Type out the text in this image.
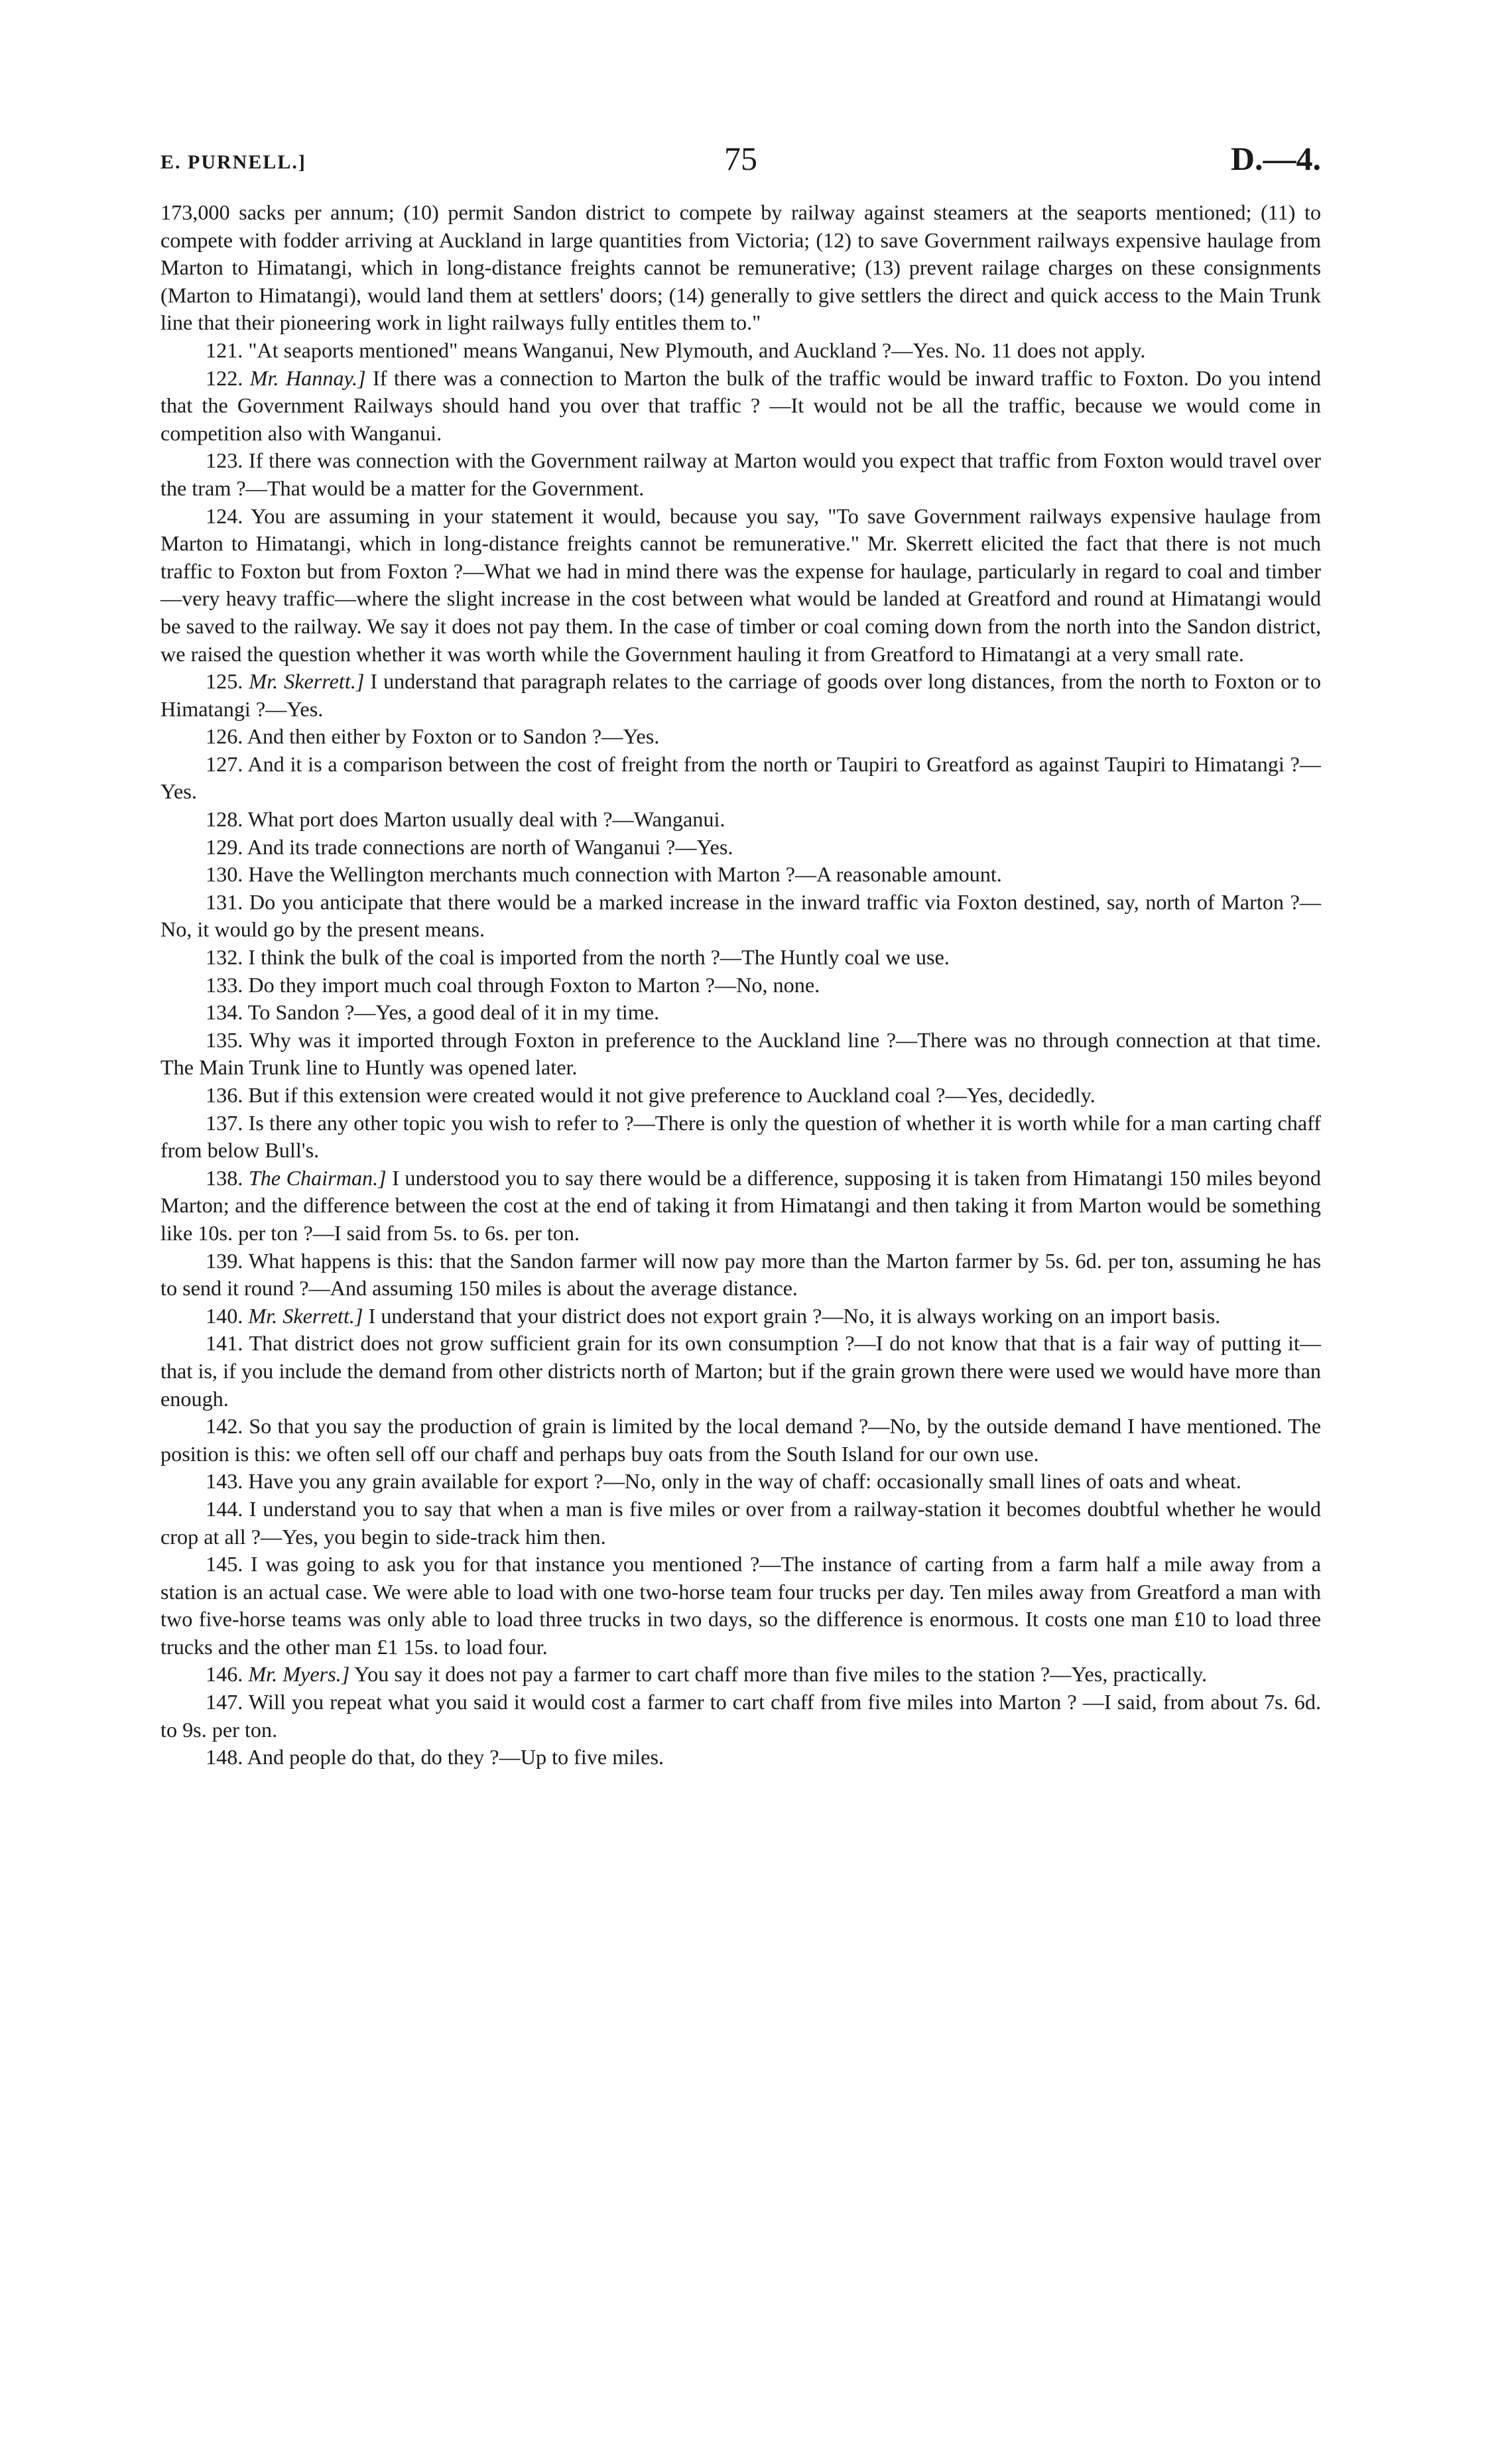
E. PURNELL.]	75	D.—4.

173,000 sacks per annum; (10) permit Sandon district to compete by railway against steamers at the seaports mentioned; (11) to compete with fodder arriving at Auckland in large quantities from Victoria; (12) to save Government railways expensive haulage from Marton to Himatangi, which in long-distance freights cannot be remunerative; (13) prevent railage charges on these consignments (Marton to Himatangi), would land them at settlers' doors; (14) generally to give settlers the direct and quick access to the Main Trunk line that their pioneering work in light railways fully entitles them to."

121. "At seaports mentioned" means Wanganui, New Plymouth, and Auckland ?—Yes. No. 11 does not apply.

122. Mr. Hannay.] If there was a connection to Marton the bulk of the traffic would be inward traffic to Foxton. Do you intend that the Government Railways should hand you over that traffic ? —It would not be all the traffic, because we would come in competition also with Wanganui.

123. If there was connection with the Government railway at Marton would you expect that traffic from Foxton would travel over the tram ?—That would be a matter for the Government.

124. You are assuming in your statement it would, because you say, "To save Government railways expensive haulage from Marton to Himatangi, which in long-distance freights cannot be remunerative." Mr. Skerrett elicited the fact that there is not much traffic to Foxton but from Foxton ?—What we had in mind there was the expense for haulage, particularly in regard to coal and timber—very heavy traffic—where the slight increase in the cost between what would be landed at Greatford and round at Himatangi would be saved to the railway. We say it does not pay them. In the case of timber or coal coming down from the north into the Sandon district, we raised the question whether it was worth while the Government hauling it from Greatford to Himatangi at a very small rate.

125. Mr. Skerrett.] I understand that paragraph relates to the carriage of goods over long distances, from the north to Foxton or to Himatangi ?—Yes.

126. And then either by Foxton or to Sandon ?—Yes.

127. And it is a comparison between the cost of freight from the north or Taupiri to Greatford as against Taupiri to Himatangi ?—Yes.

128. What port does Marton usually deal with ?—Wanganui.

129. And its trade connections are north of Wanganui ?—Yes.

130. Have the Wellington merchants much connection with Marton ?—A reasonable amount.

131. Do you anticipate that there would be a marked increase in the inward traffic via Foxton destined, say, north of Marton ?—No, it would go by the present means.

132. I think the bulk of the coal is imported from the north ?—The Huntly coal we use.

133. Do they import much coal through Foxton to Marton ?—No, none.

134. To Sandon ?—Yes, a good deal of it in my time.

135. Why was it imported through Foxton in preference to the Auckland line ?—There was no through connection at that time. The Main Trunk line to Huntly was opened later.

136. But if this extension were created would it not give preference to Auckland coal ?—Yes, decidedly.

137. Is there any other topic you wish to refer to ?—There is only the question of whether it is worth while for a man carting chaff from below Bull's.

138. The Chairman.] I understood you to say there would be a difference, supposing it is taken from Himatangi 150 miles beyond Marton; and the difference between the cost at the end of taking it from Himatangi and then taking it from Marton would be something like 10s. per ton ?—I said from 5s. to 6s. per ton.

139. What happens is this: that the Sandon farmer will now pay more than the Marton farmer by 5s. 6d. per ton, assuming he has to send it round ?—And assuming 150 miles is about the average distance.

140. Mr. Skerrett.] I understand that your district does not export grain ?—No, it is always working on an import basis.

141. That district does not grow sufficient grain for its own consumption ?—I do not know that that is a fair way of putting it—that is, if you include the demand from other districts north of Marton; but if the grain grown there were used we would have more than enough.

142. So that you say the production of grain is limited by the local demand ?—No, by the outside demand I have mentioned. The position is this: we often sell off our chaff and perhaps buy oats from the South Island for our own use.

143. Have you any grain available for export ?—No, only in the way of chaff: occasionally small lines of oats and wheat.

144. I understand you to say that when a man is five miles or over from a railway-station it becomes doubtful whether he would crop at all ?—Yes, you begin to side-track him then.

145. I was going to ask you for that instance you mentioned ?—The instance of carting from a farm half a mile away from a station is an actual case. We were able to load with one two-horse team four trucks per day. Ten miles away from Greatford a man with two five-horse teams was only able to load three trucks in two days, so the difference is enormous. It costs one man £10 to load three trucks and the other man £1 15s. to load four.

146. Mr. Myers.] You say it does not pay a farmer to cart chaff more than five miles to the station ?—Yes, practically.

147. Will you repeat what you said it would cost a farmer to cart chaff from five miles into Marton ? —I said, from about 7s. 6d. to 9s. per ton.

148. And people do that, do they ?—Up to five miles.
